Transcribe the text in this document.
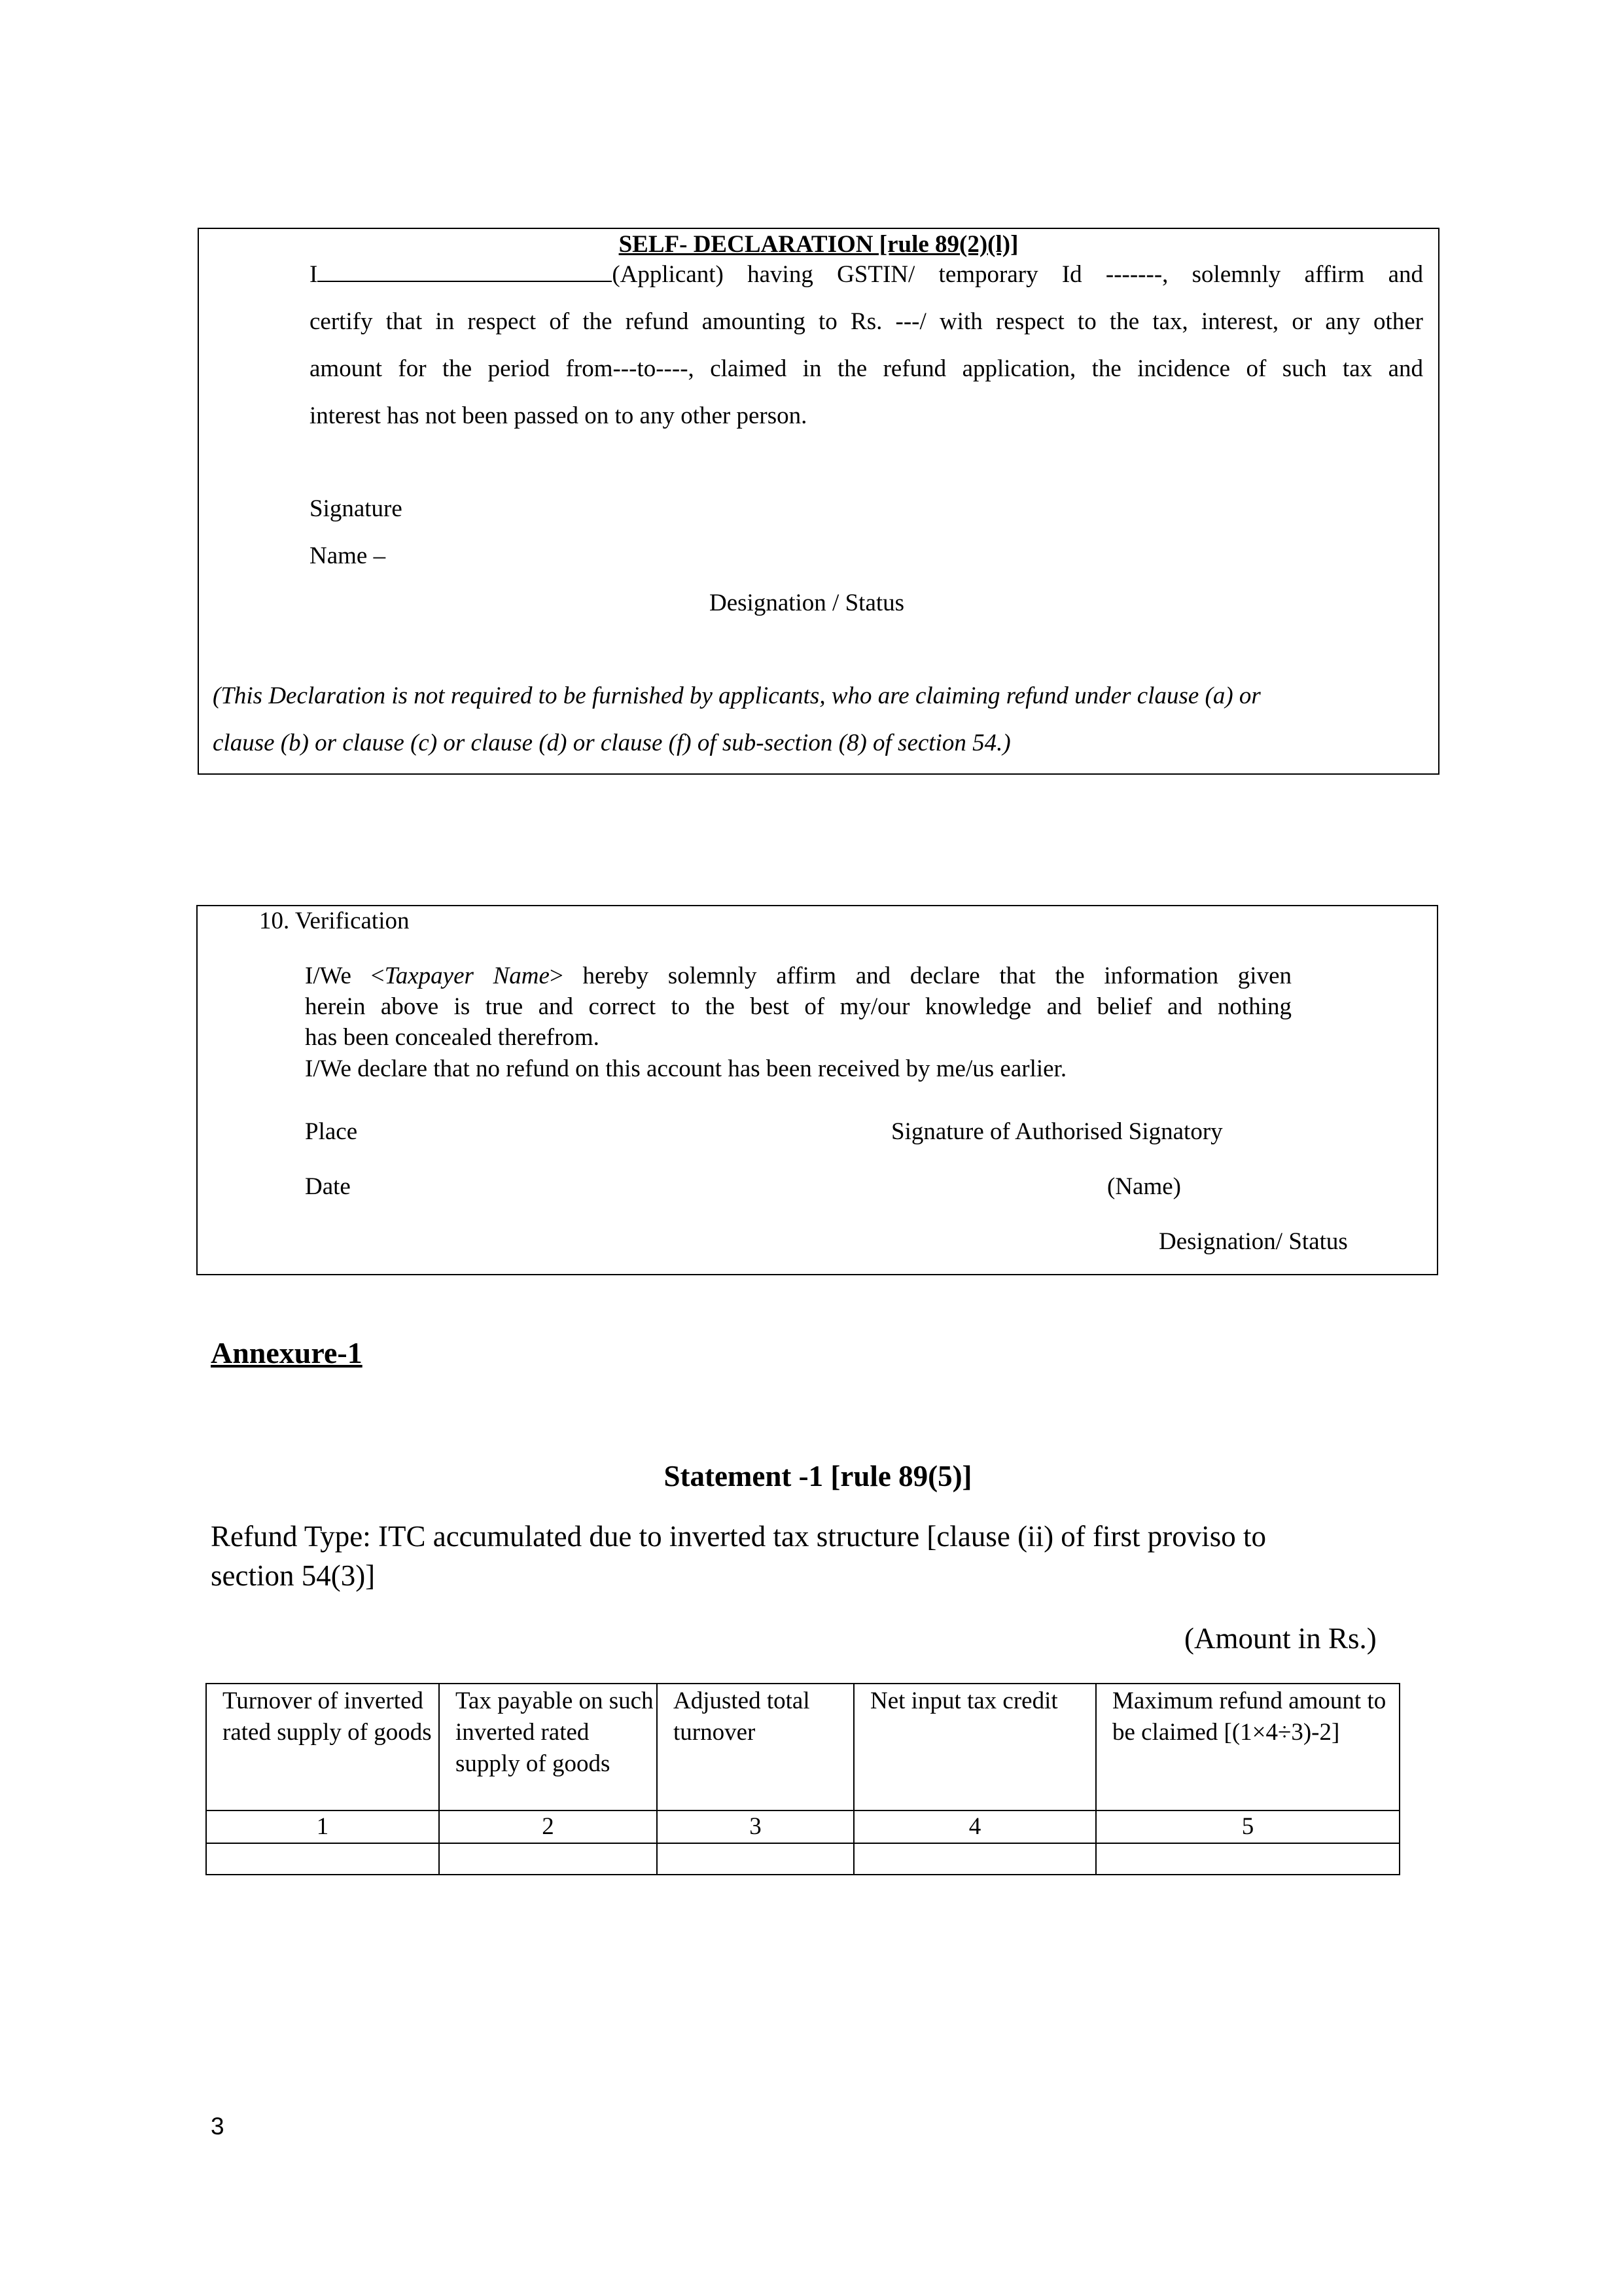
SELF- DECLARATION [rule 89(2)(l)]
I	(Applicant) having GSTIN/ temporary Id -------, solemnly affirm and
certify that in respect of the refund amounting to Rs. ---/ with respect to the tax, interest, or any other
amount for the period from---to----, claimed in the refund application, the incidence of such tax and
interest has not been passed on to any other person.
Signature
Name –
Designation / Status
(This Declaration is not required to be furnished by applicants, who are claiming refund under clause (a) or
clause (b) or clause (c) or clause (d) or clause (f) of sub-section (8) of section 54.)
10. Verification
I/We <Taxpayer Name> hereby solemnly affirm and declare that the information given
herein above is true and correct to the best of my/our knowledge and belief and nothing
has been concealed therefrom.
I/We declare that no refund on this account has been received by me/us earlier.
Place	Signature of Authorised Signatory
Date	(Name)
Designation/ Status
Annexure-1
Statement -1 [rule 89(5)]
Refund Type: ITC accumulated due to inverted tax structure [clause (ii) of first proviso to
section 54(3)]
(Amount in Rs.)
Turnover of inverted rated supply of goods	Tax payable on such inverted rated supply of goods	Adjusted total turnover	Net input tax credit	Maximum refund amount to be claimed [(1×4÷3)-2]
1	2	3	4	5

3
